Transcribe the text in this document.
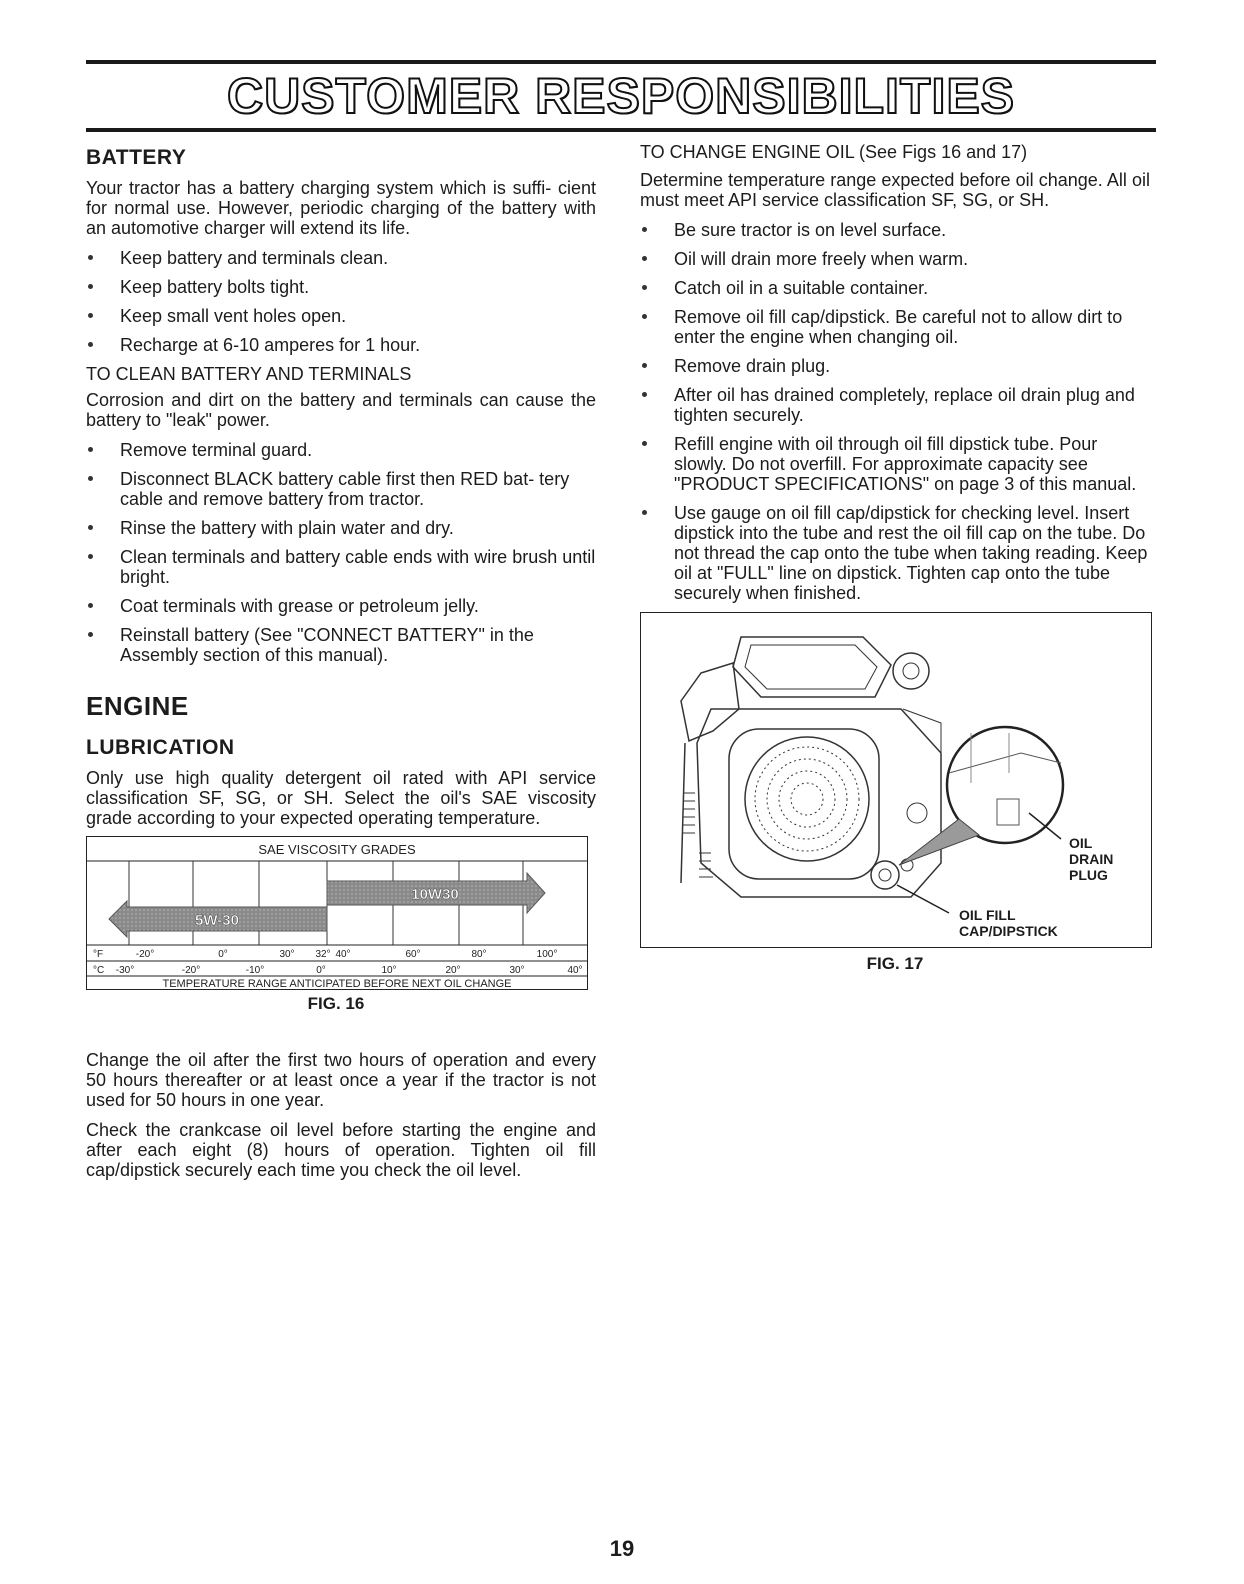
CUSTOMER RESPONSIBILITIES
BATTERY

Your tractor has a battery charging system which is suffi- cient for normal use. However, periodic charging of the battery with an automotive charger will extend its life.

Keep battery and terminals clean.
Keep battery bolts tight.
Keep small vent holes open.
Recharge at 6-10 amperes for 1 hour.

TO CLEAN BATTERY AND TERMINALS

Corrosion and dirt on the battery and terminals can cause the battery to "leak" power.

Remove terminal guard.
Disconnect BLACK battery cable first then RED bat- tery cable and remove battery from tractor.
Rinse the battery with plain water and dry.
Clean terminals and battery cable ends with wire brush until bright.
Coat terminals with grease or petroleum jelly.
Reinstall battery (See "CONNECT BATTERY" in the Assembly section of this manual).
ENGINE
LUBRICATION

Only use high quality detergent oil rated with API service classification SF, SG, or SH. Select the oil's SAE viscosity grade according to your expected operating temperature.

SAE VISCOSITY GRADES
10W30
5W-30
°F	-20°	0°	30° 32° 40°	60°	80°	100°
°C -30°	-20°	-10°	0°	10°	20°	30°	40°
TEMPERATURE RANGE ANTICIPATED BEFORE NEXT OIL CHANGE

FIG. 16

Change the oil after the first two hours of operation and every 50 hours thereafter or at least once a year if the tractor is not used for 50 hours in one year.

Check the crankcase oil level before starting the engine and after each eight (8) hours of operation. Tighten oil fill cap/dipstick securely each time you check the oil level.

TO CHANGE ENGINE OIL (See Figs 16 and 17)

Determine temperature range expected before oil change. All oil must meet API service classification SF, SG, or SH.

Be sure tractor is on level surface.
Oil will drain more freely when warm.
Catch oil in a suitable container.
Remove oil fill cap/dipstick. Be careful not to allow dirt to enter the engine when changing oil.
Remove drain plug.
After oil has drained completely, replace oil drain plug and tighten securely.
Refill engine with oil through oil fill dipstick tube. Pour slowly. Do not overfill. For approximate capacity see "PRODUCT SPECIFICATIONS" on page 3 of this manual.
Use gauge on oil fill cap/dipstick for checking level. Insert dipstick into the tube and rest the oil fill cap on the tube. Do not thread the cap onto the tube when taking reading. Keep oil at "FULL" line on dipstick. Tighten cap onto the tube securely when finished.
OIL
DRAIN
PLUG
OIL FILL
CAP/DIPSTICK

FIG. 17

19
